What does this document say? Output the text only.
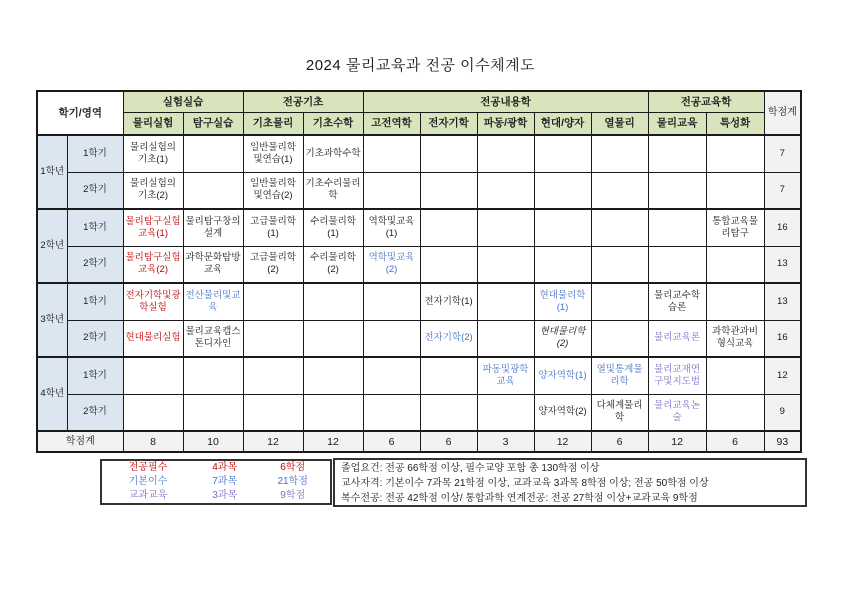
2024 물리교육과 전공 이수체계도
학기/영역		실험실습		전공기초		전공내용학					전공교육학		학점계
		물리실험	탐구실습	기초물리	기초수학	고전역학	전자기학	파동/광학	현대/양자	열물리	물리교육	특성화	
1학년	1학기	물리실험의 기초(1)		일반물리학 및연습(1)	기초과학수학								7
	2학기	물리실험의 기초(2)		일반물리학 및연습(2)	기초수리물리학								7
2학년	1학기	물리탐구실험교육(1)	물리탐구창의설계	고급물리학(1)	수리물리학(1)	역학및교육(1)						통합교육물리탐구	16
	2학기	물리탐구실험교육(2)	과학문화탐방교육	고급물리학(2)	수리물리학(2)	역학및교육(2)							13
3학년	1학기	전자기학및광학실험	전산물리및교육				전자기학(1)		현대물리학(1)		물리교수학습론		13
	2학기	현대물리실험	물리교육캡스톤디자인				전자기학(2)		현대물리학(2)		물리교육론	과학관과비형식교육	16
4학년	1학기							파동및광학교육	양자역학(1)	열및통계물리학	물리교재연구및지도법		12
	2학기								양자역학(2)	다체계물리학	물리교육논술		9
학점계		8	10	12	12	6	6	3	12	6	12	6	93
전공필수	4과목	6학점
기본이수	7과목	21학점
교과교육	3과목	9학점
졸업요건: 전공 66학점 이상, 필수교양 포함 총 130학점 이상
교사자격: 기본이수 7과목 21학점 이상, 교과교육 3과목 8학점 이상; 전공 50학점 이상
복수전공: 전공 42학점 이상/ 통합과학 연계전공: 전공 27학점 이상+교과교육 9학점
